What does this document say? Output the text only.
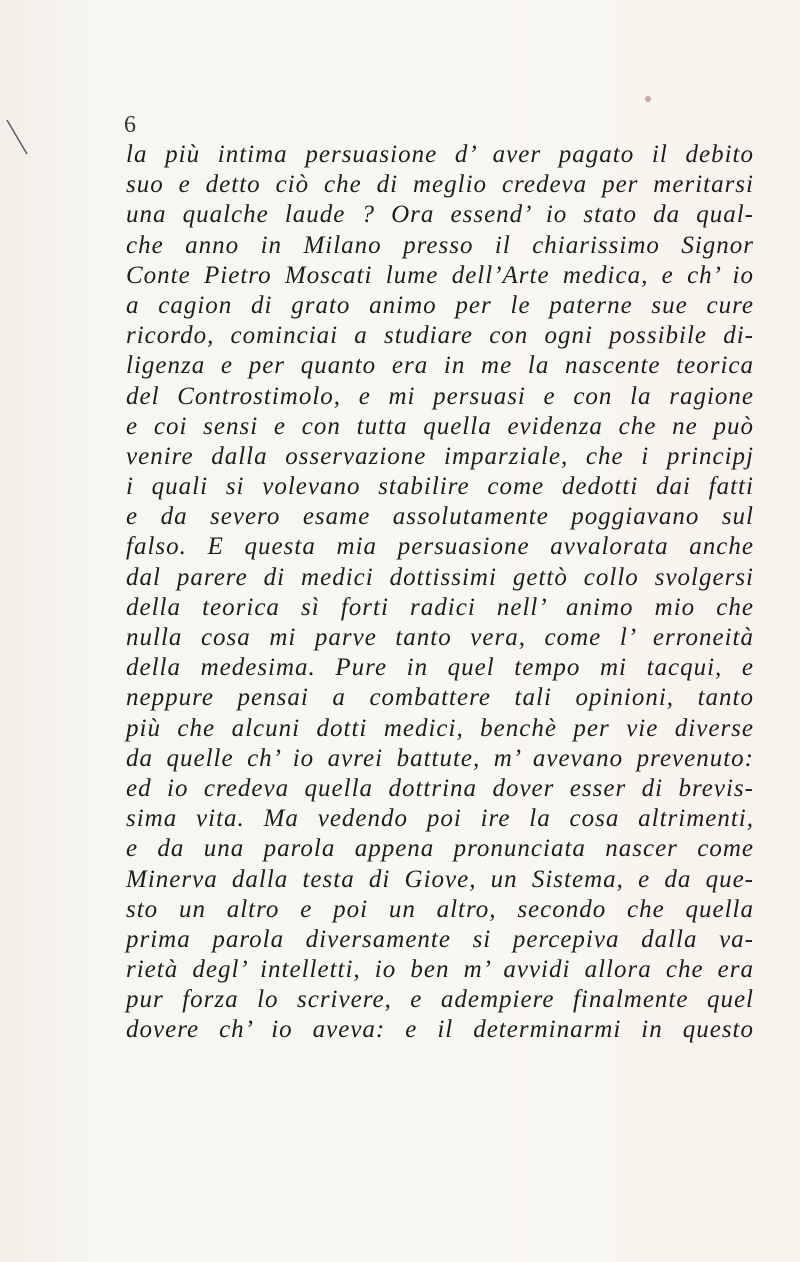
6
la più intima persuasione d’ aver pagato il debito
suo e detto ciò che di meglio credeva per meritarsi
una qualche laude ? Ora essend’ io stato da qual-
che anno in Milano presso il chiarissimo Signor
Conte Pietro Moscati lume dell’Arte medica, e ch’ io
a cagion di grato animo per le paterne sue cure
ricordo, cominciai a studiare con ogni possibile di-
ligenza e per quanto era in me la nascente teorica
del Controstimolo, e mi persuasi e con la ragione
e coi sensi e con tutta quella evidenza che ne può
venire dalla osservazione imparziale, che i principj
i quali si volevano stabilire come dedotti dai fatti
e da severo esame assolutamente poggiavano sul
falso. E questa mia persuasione avvalorata anche
dal parere di medici dottissimi gettò collo svolgersi
della teorica sì forti radici nell’ animo mio che
nulla cosa mi parve tanto vera, come l’ erroneità
della medesima. Pure in quel tempo mi tacqui, e
neppure pensai a combattere tali opinioni, tanto
più che alcuni dotti medici, benchè per vie diverse
da quelle ch’ io avrei battute, m’ avevano prevenuto:
ed io credeva quella dottrina dover esser di brevis-
sima vita. Ma vedendo poi ire la cosa altrimenti,
e da una parola appena pronunciata nascer come
Minerva dalla testa di Giove, un Sistema, e da que-
sto un altro e poi un altro, secondo che quella
prima parola diversamente si percepiva dalla va-
rietà degl’ intelletti, io ben m’ avvidi allora che era
pur forza lo scrivere, e adempiere finalmente quel
dovere ch’ io aveva: e il determinarmi in questo
